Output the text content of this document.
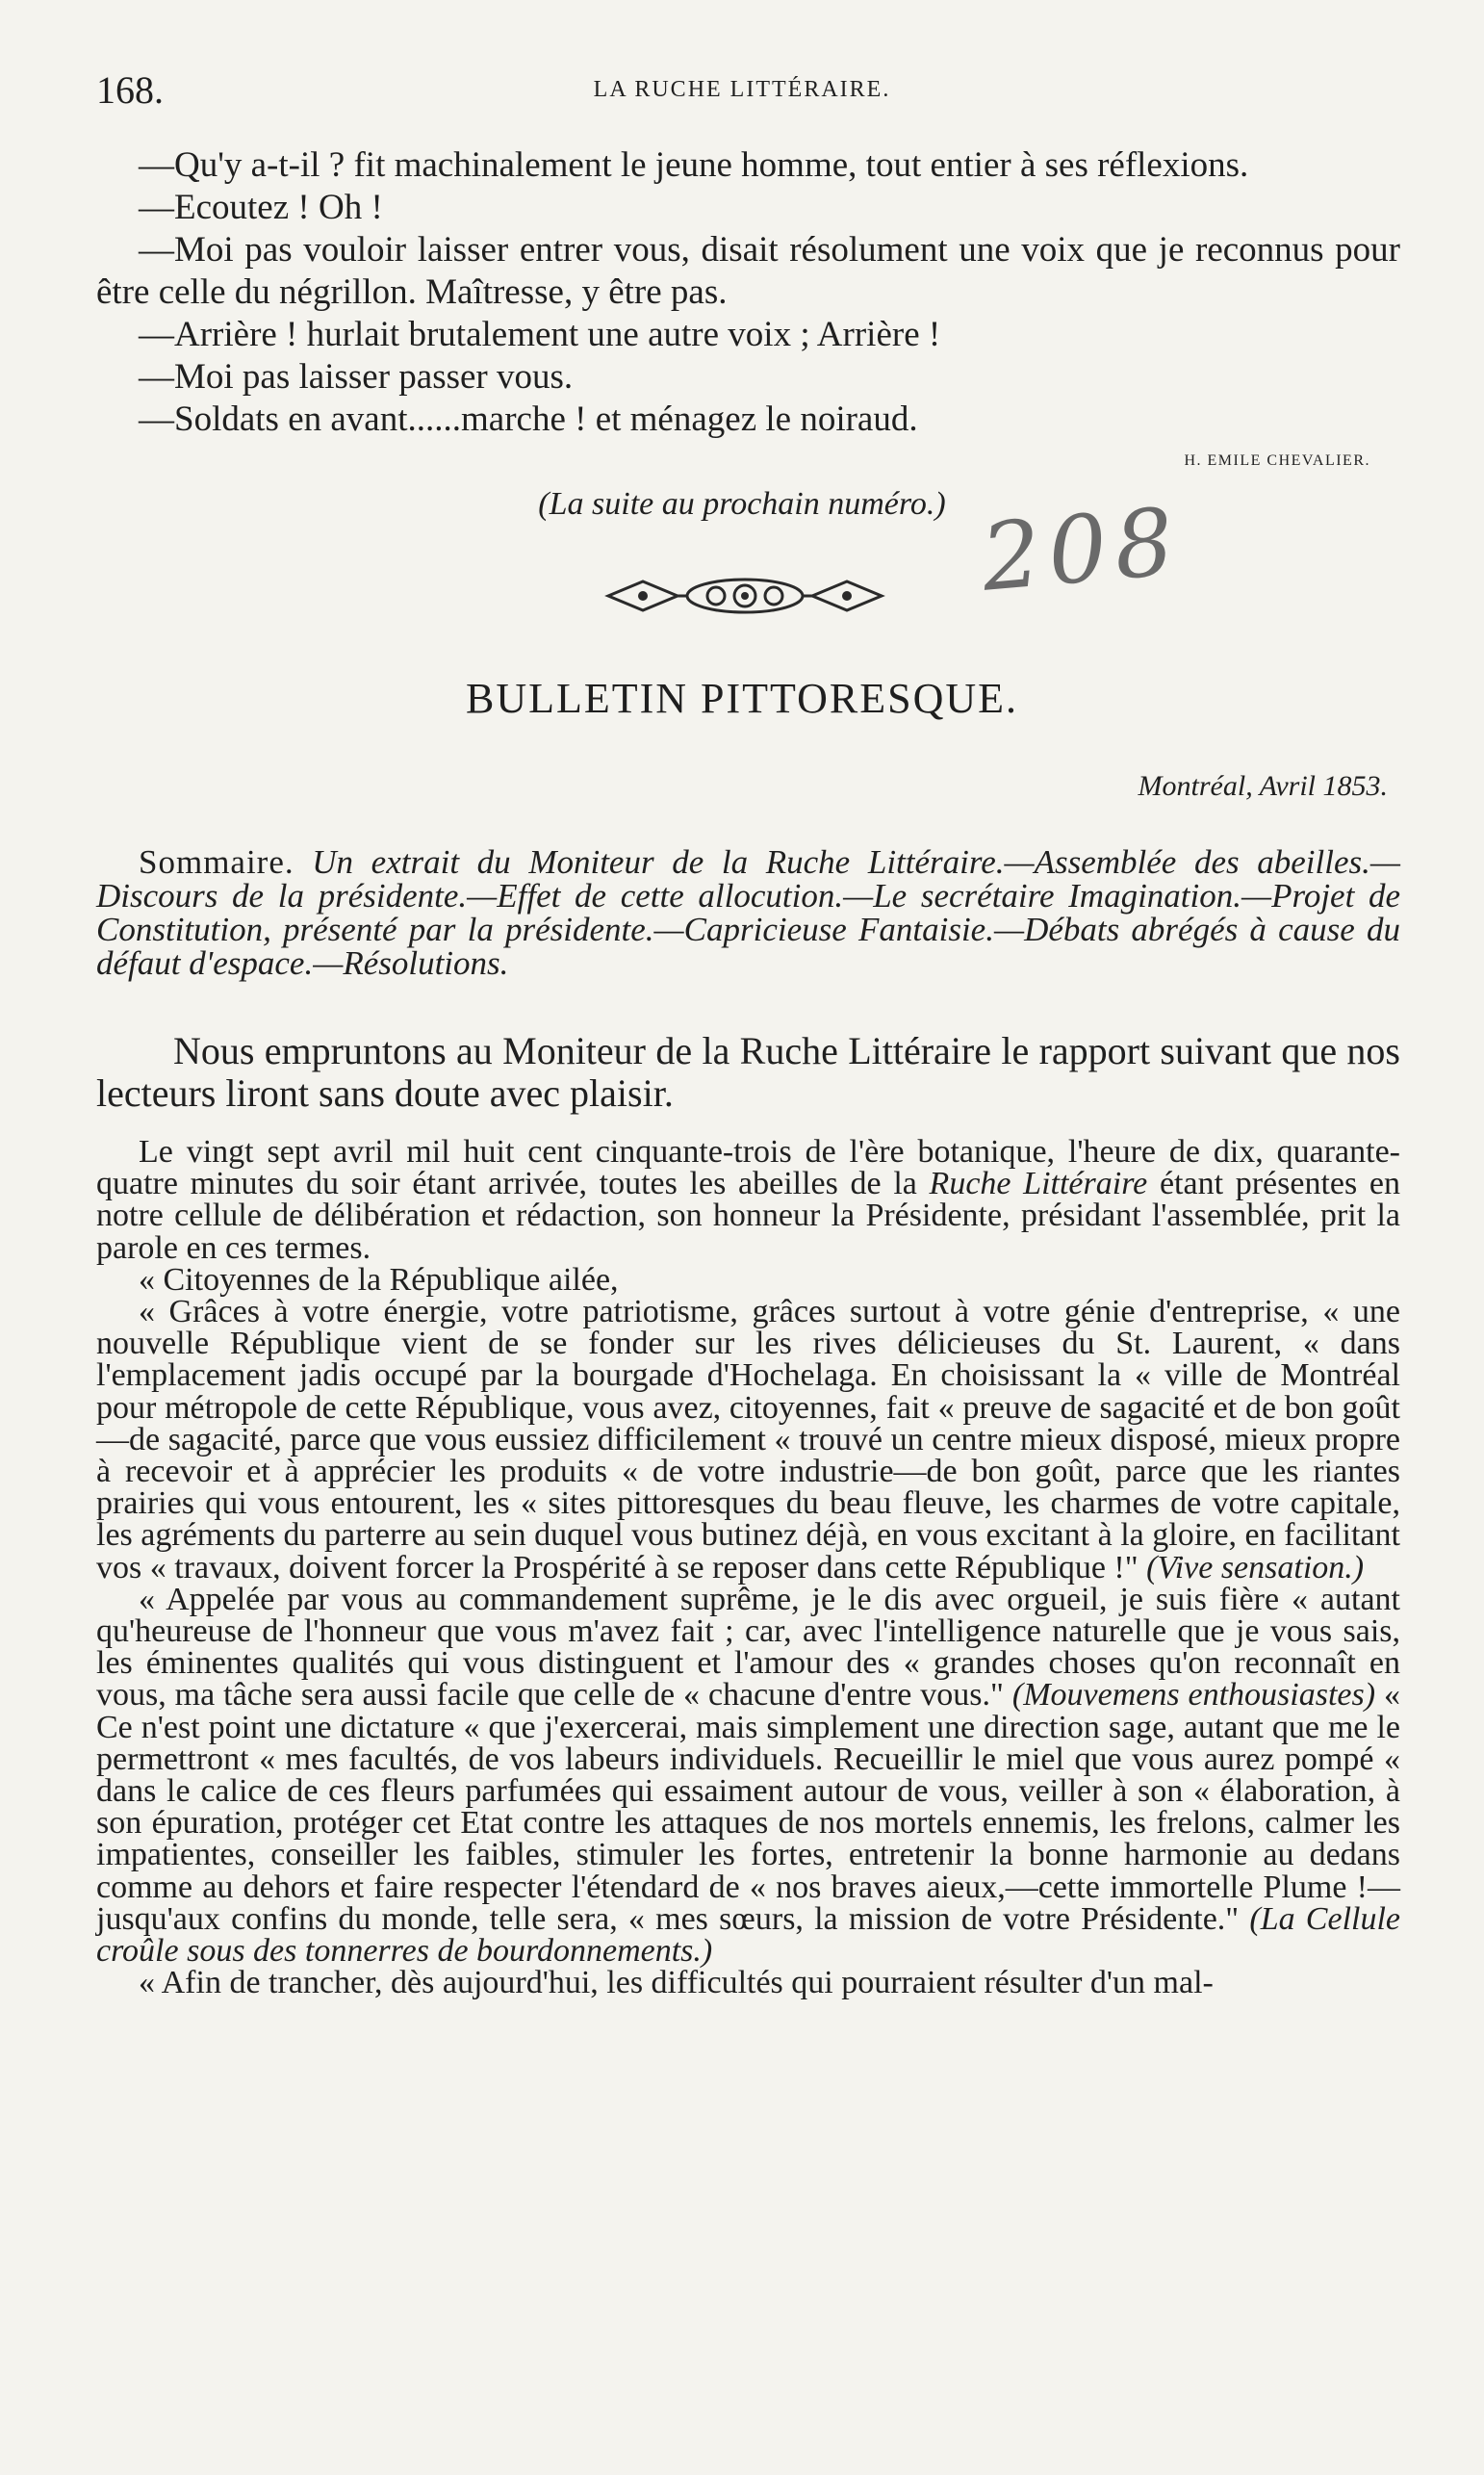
168.	LA RUCHE LITTÉRAIRE.

—Qu'y a-t-il ? fit machinalement le jeune homme, tout entier à ses réflexions.

—Ecoutez ! Oh !

—Moi pas vouloir laisser entrer vous, disait résolument une voix que je reconnus pour être celle du négrillon. Maîtresse, y être pas.

—Arrière ! hurlait brutalement une autre voix ; Arrière !

—Moi pas laisser passer vous.

—Soldats en avant......marche ! et ménagez le noiraud.

H. EMILE CHEVALIER.
(La suite au prochain numéro.) 208
BULLETIN PITTORESQUE.
Montréal, Avril 1853.
Sommaire. Un extrait du Moniteur de la Ruche Littéraire.—Assemblée des abeilles.—Discours de la présidente.—Effet de cette allocution.—Le secrétaire Imagination.—Projet de Constitution, présenté par la présidente.—Capricieuse Fantaisie.—Débats abrégés à cause du défaut d'espace.—Résolutions.
Nous empruntons au Moniteur de la Ruche Littéraire le rapport suivant que nos lecteurs liront sans doute avec plaisir.

Le vingt sept avril mil huit cent cinquante-trois de l'ère botanique, l'heure de dix, quarante-quatre minutes du soir étant arrivée, toutes les abeilles de la Ruche Littéraire étant présentes en notre cellule de délibération et rédaction, son honneur la Présidente, présidant l'assemblée, prit la parole en ces termes.

« Citoyennes de la République ailée,

« Grâces à votre énergie, votre patriotisme, grâces surtout à votre génie d'entreprise, « une nouvelle République vient de se fonder sur les rives délicieuses du St. Laurent, « dans l'emplacement jadis occupé par la bourgade d'Hochelaga. En choisissant la « ville de Montréal pour métropole de cette République, vous avez, citoyennes, fait « preuve de sagacité et de bon goût—de sagacité, parce que vous eussiez difficilement « trouvé un centre mieux disposé, mieux propre à recevoir et à apprécier les produits « de votre industrie—de bon goût, parce que les riantes prairies qui vous entourent, les « sites pittoresques du beau fleuve, les charmes de votre capitale, les agréments du parterre au sein duquel vous butinez déjà, en vous excitant à la gloire, en facilitant vos « travaux, doivent forcer la Prospérité à se reposer dans cette République !" (Vive sensation.)

« Appelée par vous au commandement suprême, je le dis avec orgueil, je suis fière « autant qu'heureuse de l'honneur que vous m'avez fait ; car, avec l'intelligence naturelle que je vous sais, les éminentes qualités qui vous distinguent et l'amour des « grandes choses qu'on reconnaît en vous, ma tâche sera aussi facile que celle de « chacune d'entre vous." (Mouvemens enthousiastes) « Ce n'est point une dictature « que j'exercerai, mais simplement une direction sage, autant que me le permettront « mes facultés, de vos labeurs individuels. Recueillir le miel que vous aurez pompé « dans le calice de ces fleurs parfumées qui essaiment autour de vous, veiller à son « élaboration, à son épuration, protéger cet Etat contre les attaques de nos mortels ennemis, les frelons, calmer les impatientes, conseiller les faibles, stimuler les fortes, entretenir la bonne harmonie au dedans comme au dehors et faire respecter l'étendard de « nos braves aieux,—cette immortelle Plume !—jusqu'aux confins du monde, telle sera, « mes sœurs, la mission de votre Présidente." (La Cellule croûle sous des tonnerres de bourdonnements.)

« Afin de trancher, dès aujourd'hui, les difficultés qui pourraient résulter d'un mal-
